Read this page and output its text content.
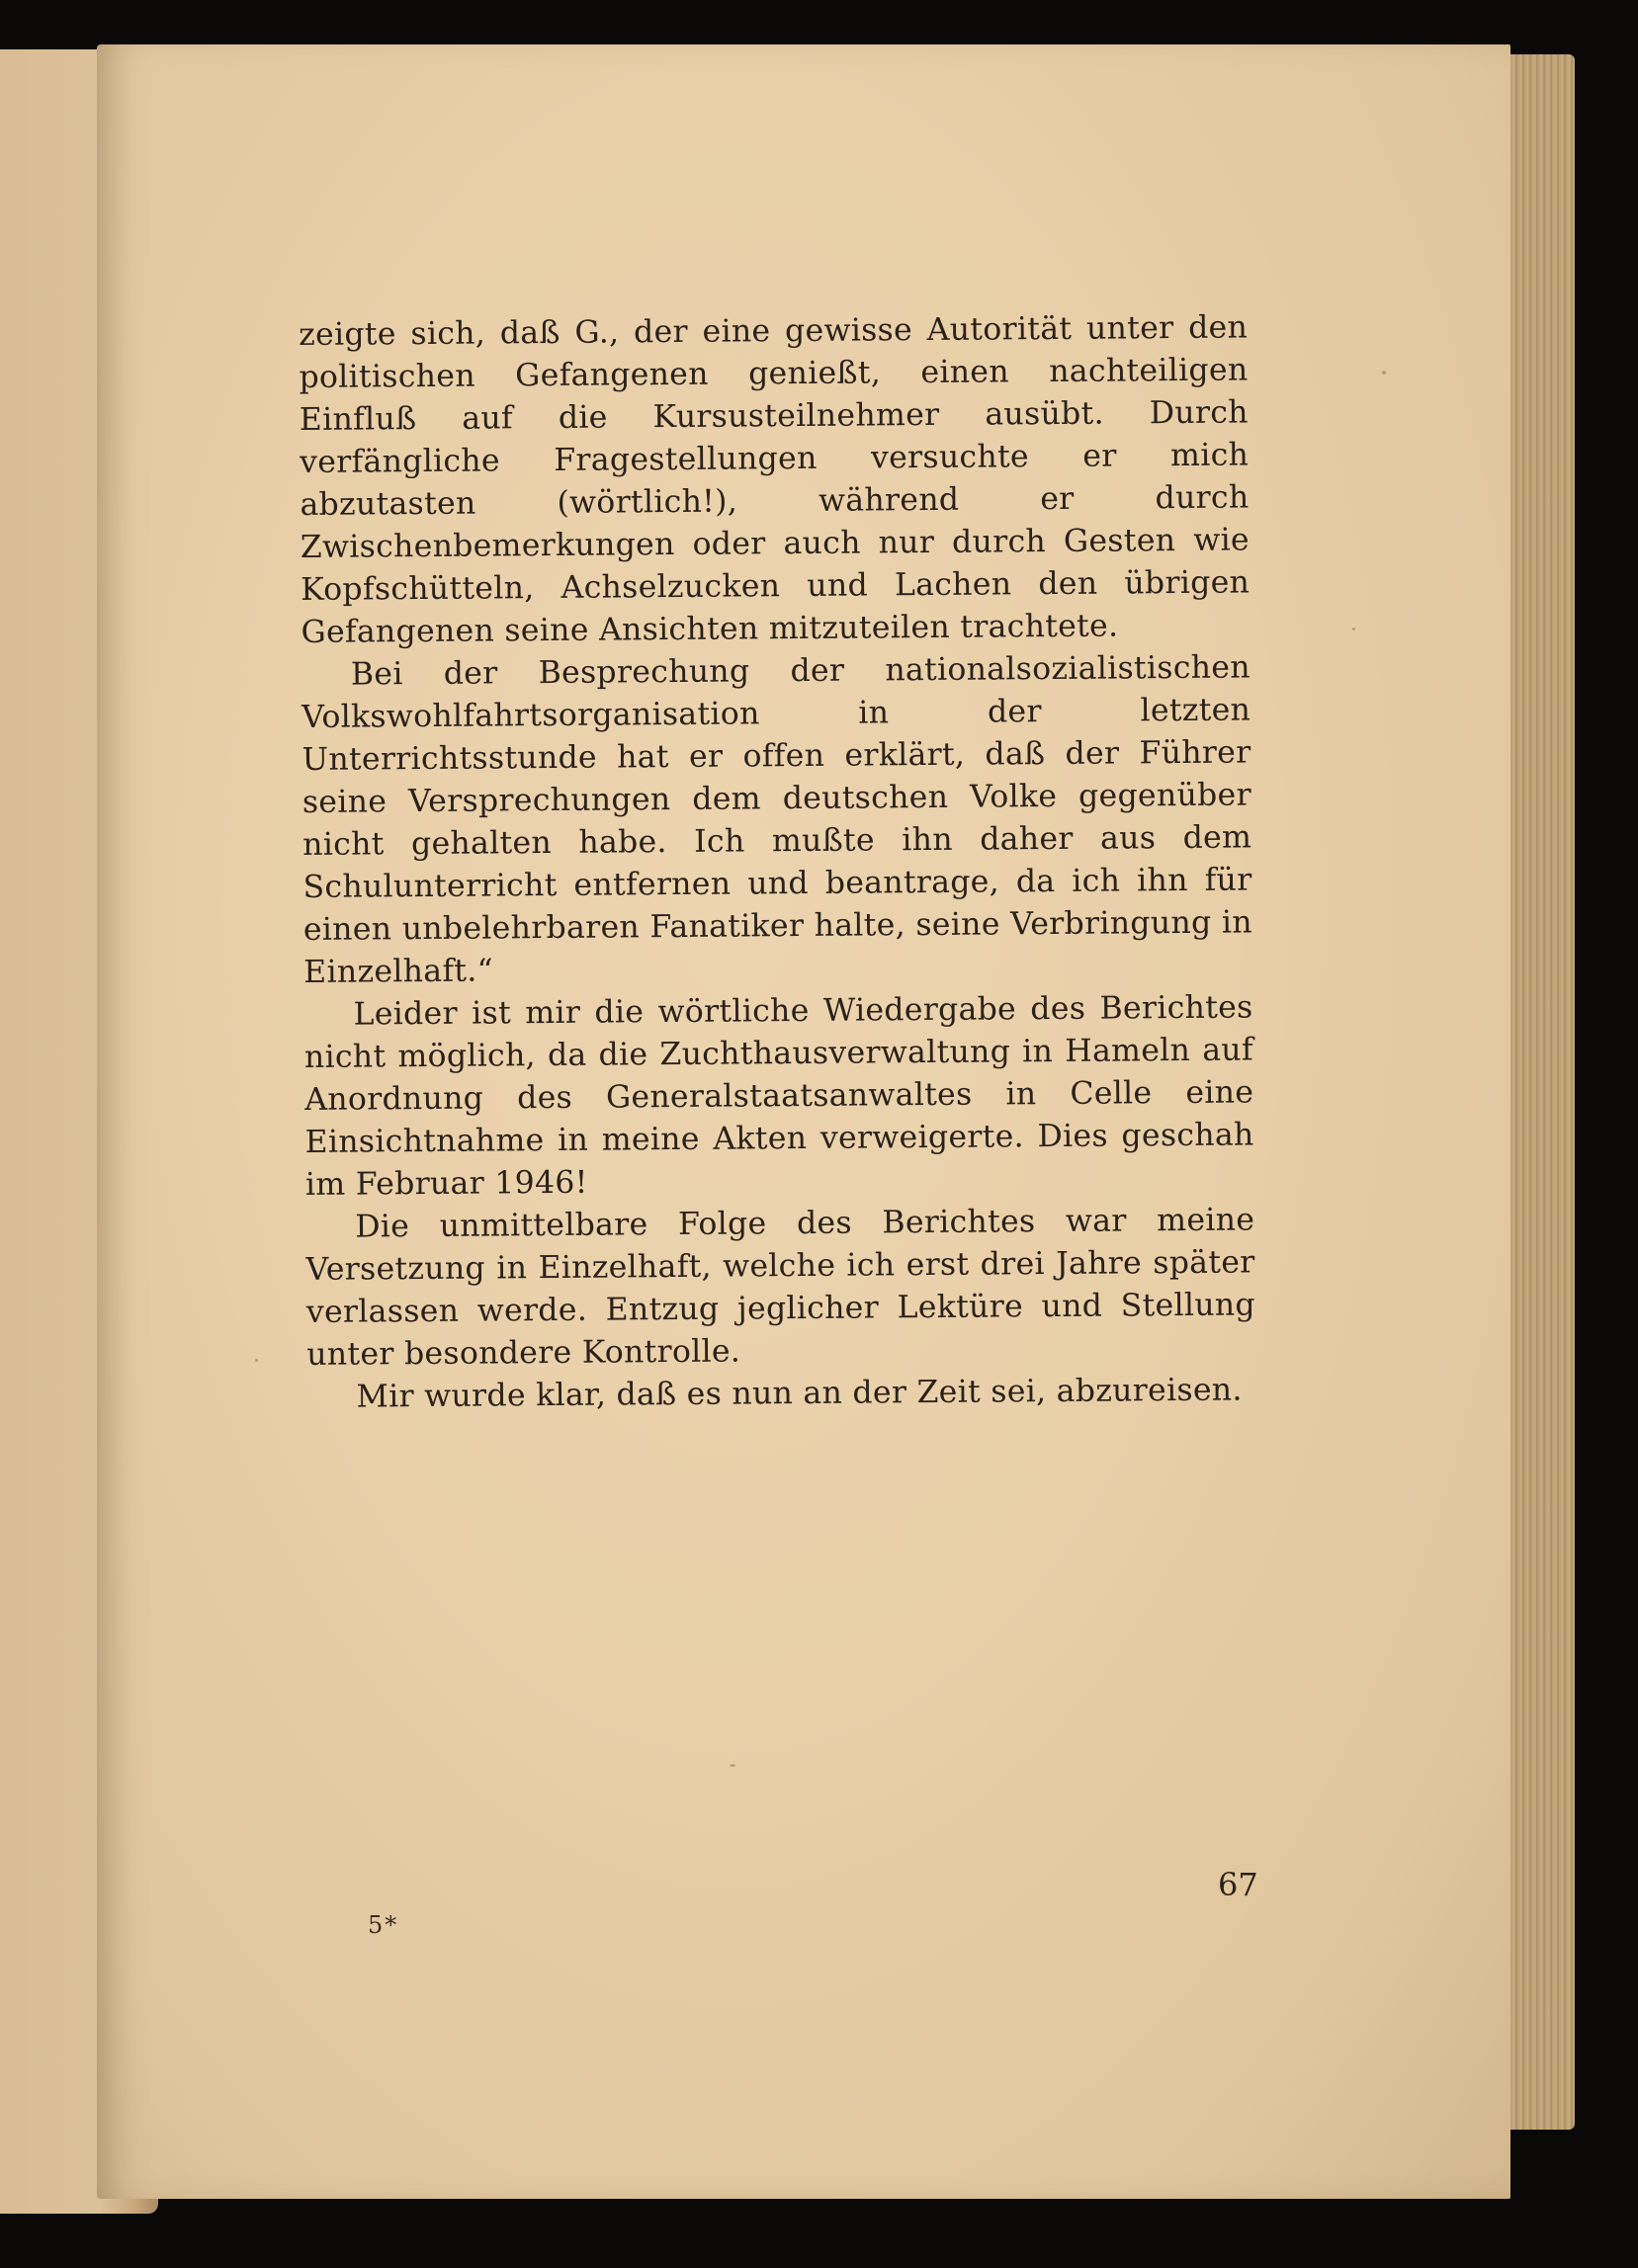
zeigte sich, daß G., der eine gewisse Autorität unter den politischen Gefangenen genießt, einen nachteiligen Einfluß auf die Kursusteilnehmer ausübt. Durch verfängliche Fragestellungen versuchte er mich abzutasten (wörtlich!), während er durch Zwischenbemerkungen oder auch nur durch Gesten wie Kopfschütteln, Achselzucken und Lachen den übrigen Gefangenen seine Ansichten mitzuteilen trachtete.

Bei der Besprechung der nationalsozialistischen Volkswohlfahrtsorganisation in der letzten Unterrichtsstunde hat er offen erklärt, daß der Führer seine Versprechungen dem deutschen Volke gegenüber nicht gehalten habe. Ich mußte ihn daher aus dem Schulunterricht entfernen und beantrage, da ich ihn für einen unbelehrbaren Fanatiker halte, seine Verbringung in Einzelhaft.“

Leider ist mir die wörtliche Wiedergabe des Berichtes nicht möglich, da die Zuchthausverwaltung in Hameln auf Anordnung des Generalstaatsanwaltes in Celle eine Einsichtnahme in meine Akten verweigerte. Dies geschah im Februar 1946!

Die unmittelbare Folge des Berichtes war meine Versetzung in Einzelhaft, welche ich erst drei Jahre später verlassen werde. Entzug jeglicher Lektüre und Stellung unter besondere Kontrolle.

Mir wurde klar, daß es nun an der Zeit sei, abzureisen.

67
5*
